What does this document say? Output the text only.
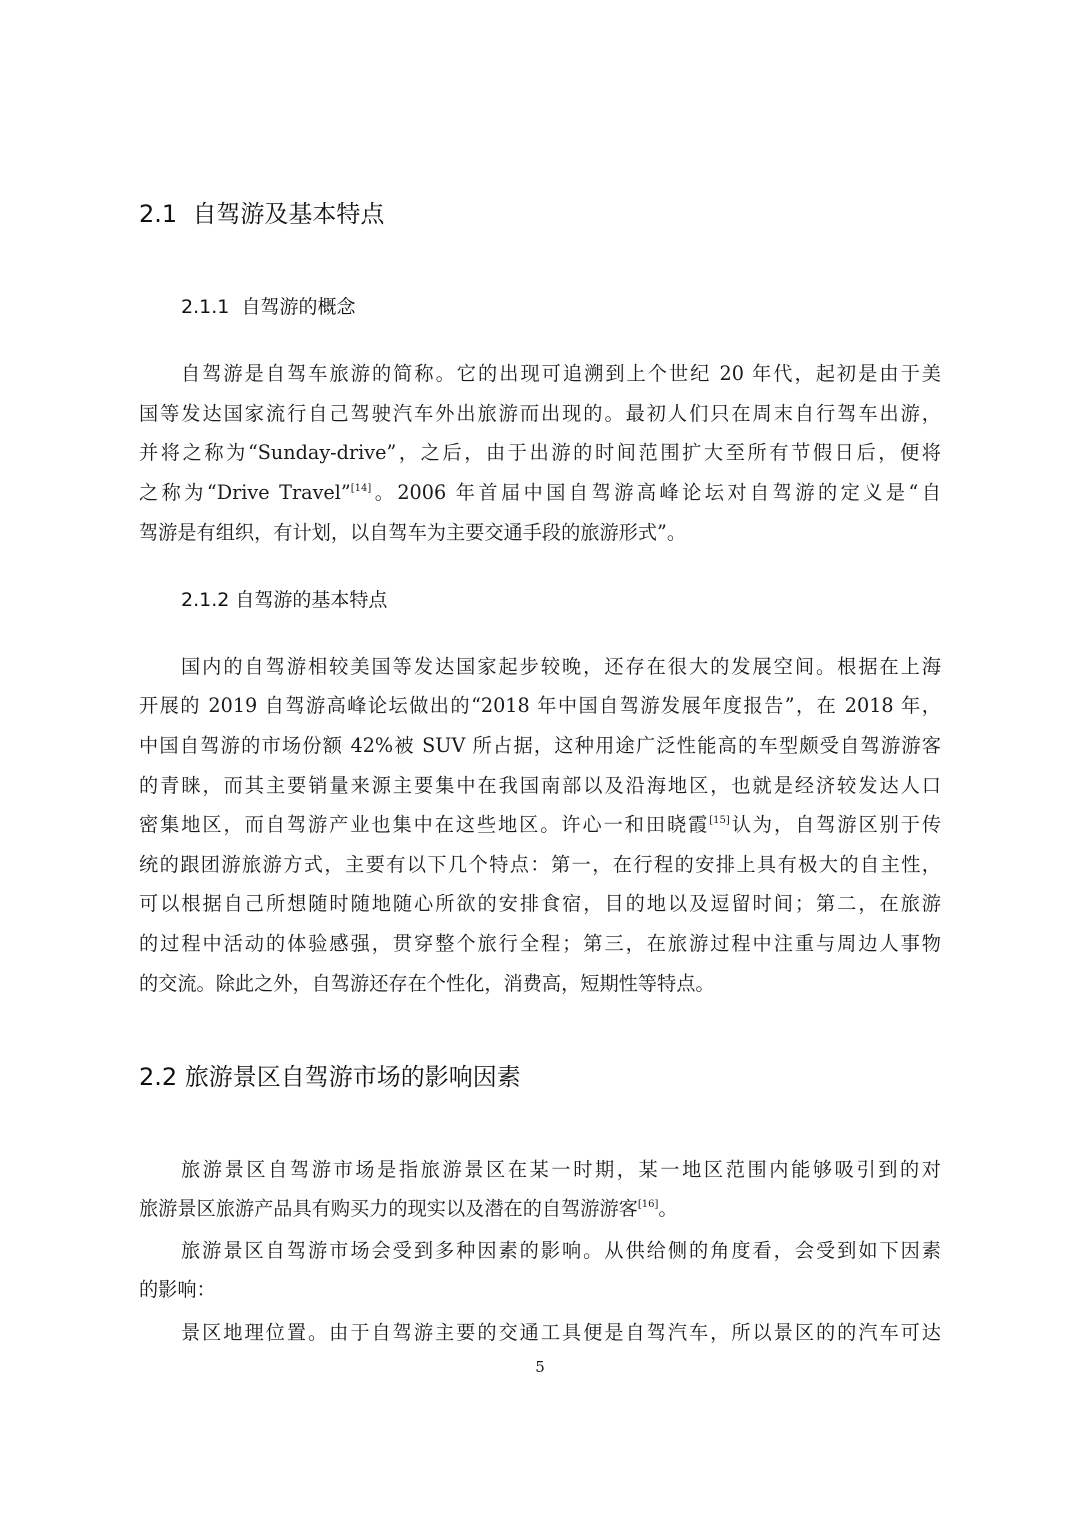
2.1 自驾游及基本特点
2.1.1 自驾游的概念
自驾游是自驾车旅游的简称。它的出现可追溯到上个世纪 20 年代，起初是由于美
国等发达国家流行自己驾驶汽车外出旅游而出现的。最初人们只在周末自行驾车出游，
并将之称为“Sunday-drive”，之后，由于出游的时间范围扩大至所有节假日后，便将
之称为“Drive Travel”[14]。2006 年首届中国自驾游高峰论坛对自驾游的定义是“自
驾游是有组织，有计划，以自驾车为主要交通手段的旅游形式”。
2.1.2 自驾游的基本特点
国内的自驾游相较美国等发达国家起步较晚，还存在很大的发展空间。根据在上海
开展的 2019 自驾游高峰论坛做出的“2018 年中国自驾游发展年度报告”，在 2018 年，
中国自驾游的市场份额 42%被 SUV 所占据，这种用途广泛性能高的车型颇受自驾游游客
的青睐，而其主要销量来源主要集中在我国南部以及沿海地区，也就是经济较发达人口
密集地区，而自驾游产业也集中在这些地区。许心一和田晓霞[15]认为，自驾游区别于传
统的跟团游旅游方式，主要有以下几个特点：第一，在行程的安排上具有极大的自主性，
可以根据自己所想随时随地随心所欲的安排食宿，目的地以及逗留时间；第二，在旅游
的过程中活动的体验感强，贯穿整个旅行全程；第三，在旅游过程中注重与周边人事物
的交流。除此之外，自驾游还存在个性化，消费高，短期性等特点。
2.2 旅游景区自驾游市场的影响因素
旅游景区自驾游市场是指旅游景区在某一时期，某一地区范围内能够吸引到的对
旅游景区旅游产品具有购买力的现实以及潜在的自驾游游客[16]。
旅游景区自驾游市场会受到多种因素的影响。从供给侧的角度看，会受到如下因素
的影响：
景区地理位置。由于自驾游主要的交通工具便是自驾汽车，所以景区的的汽车可达
5
